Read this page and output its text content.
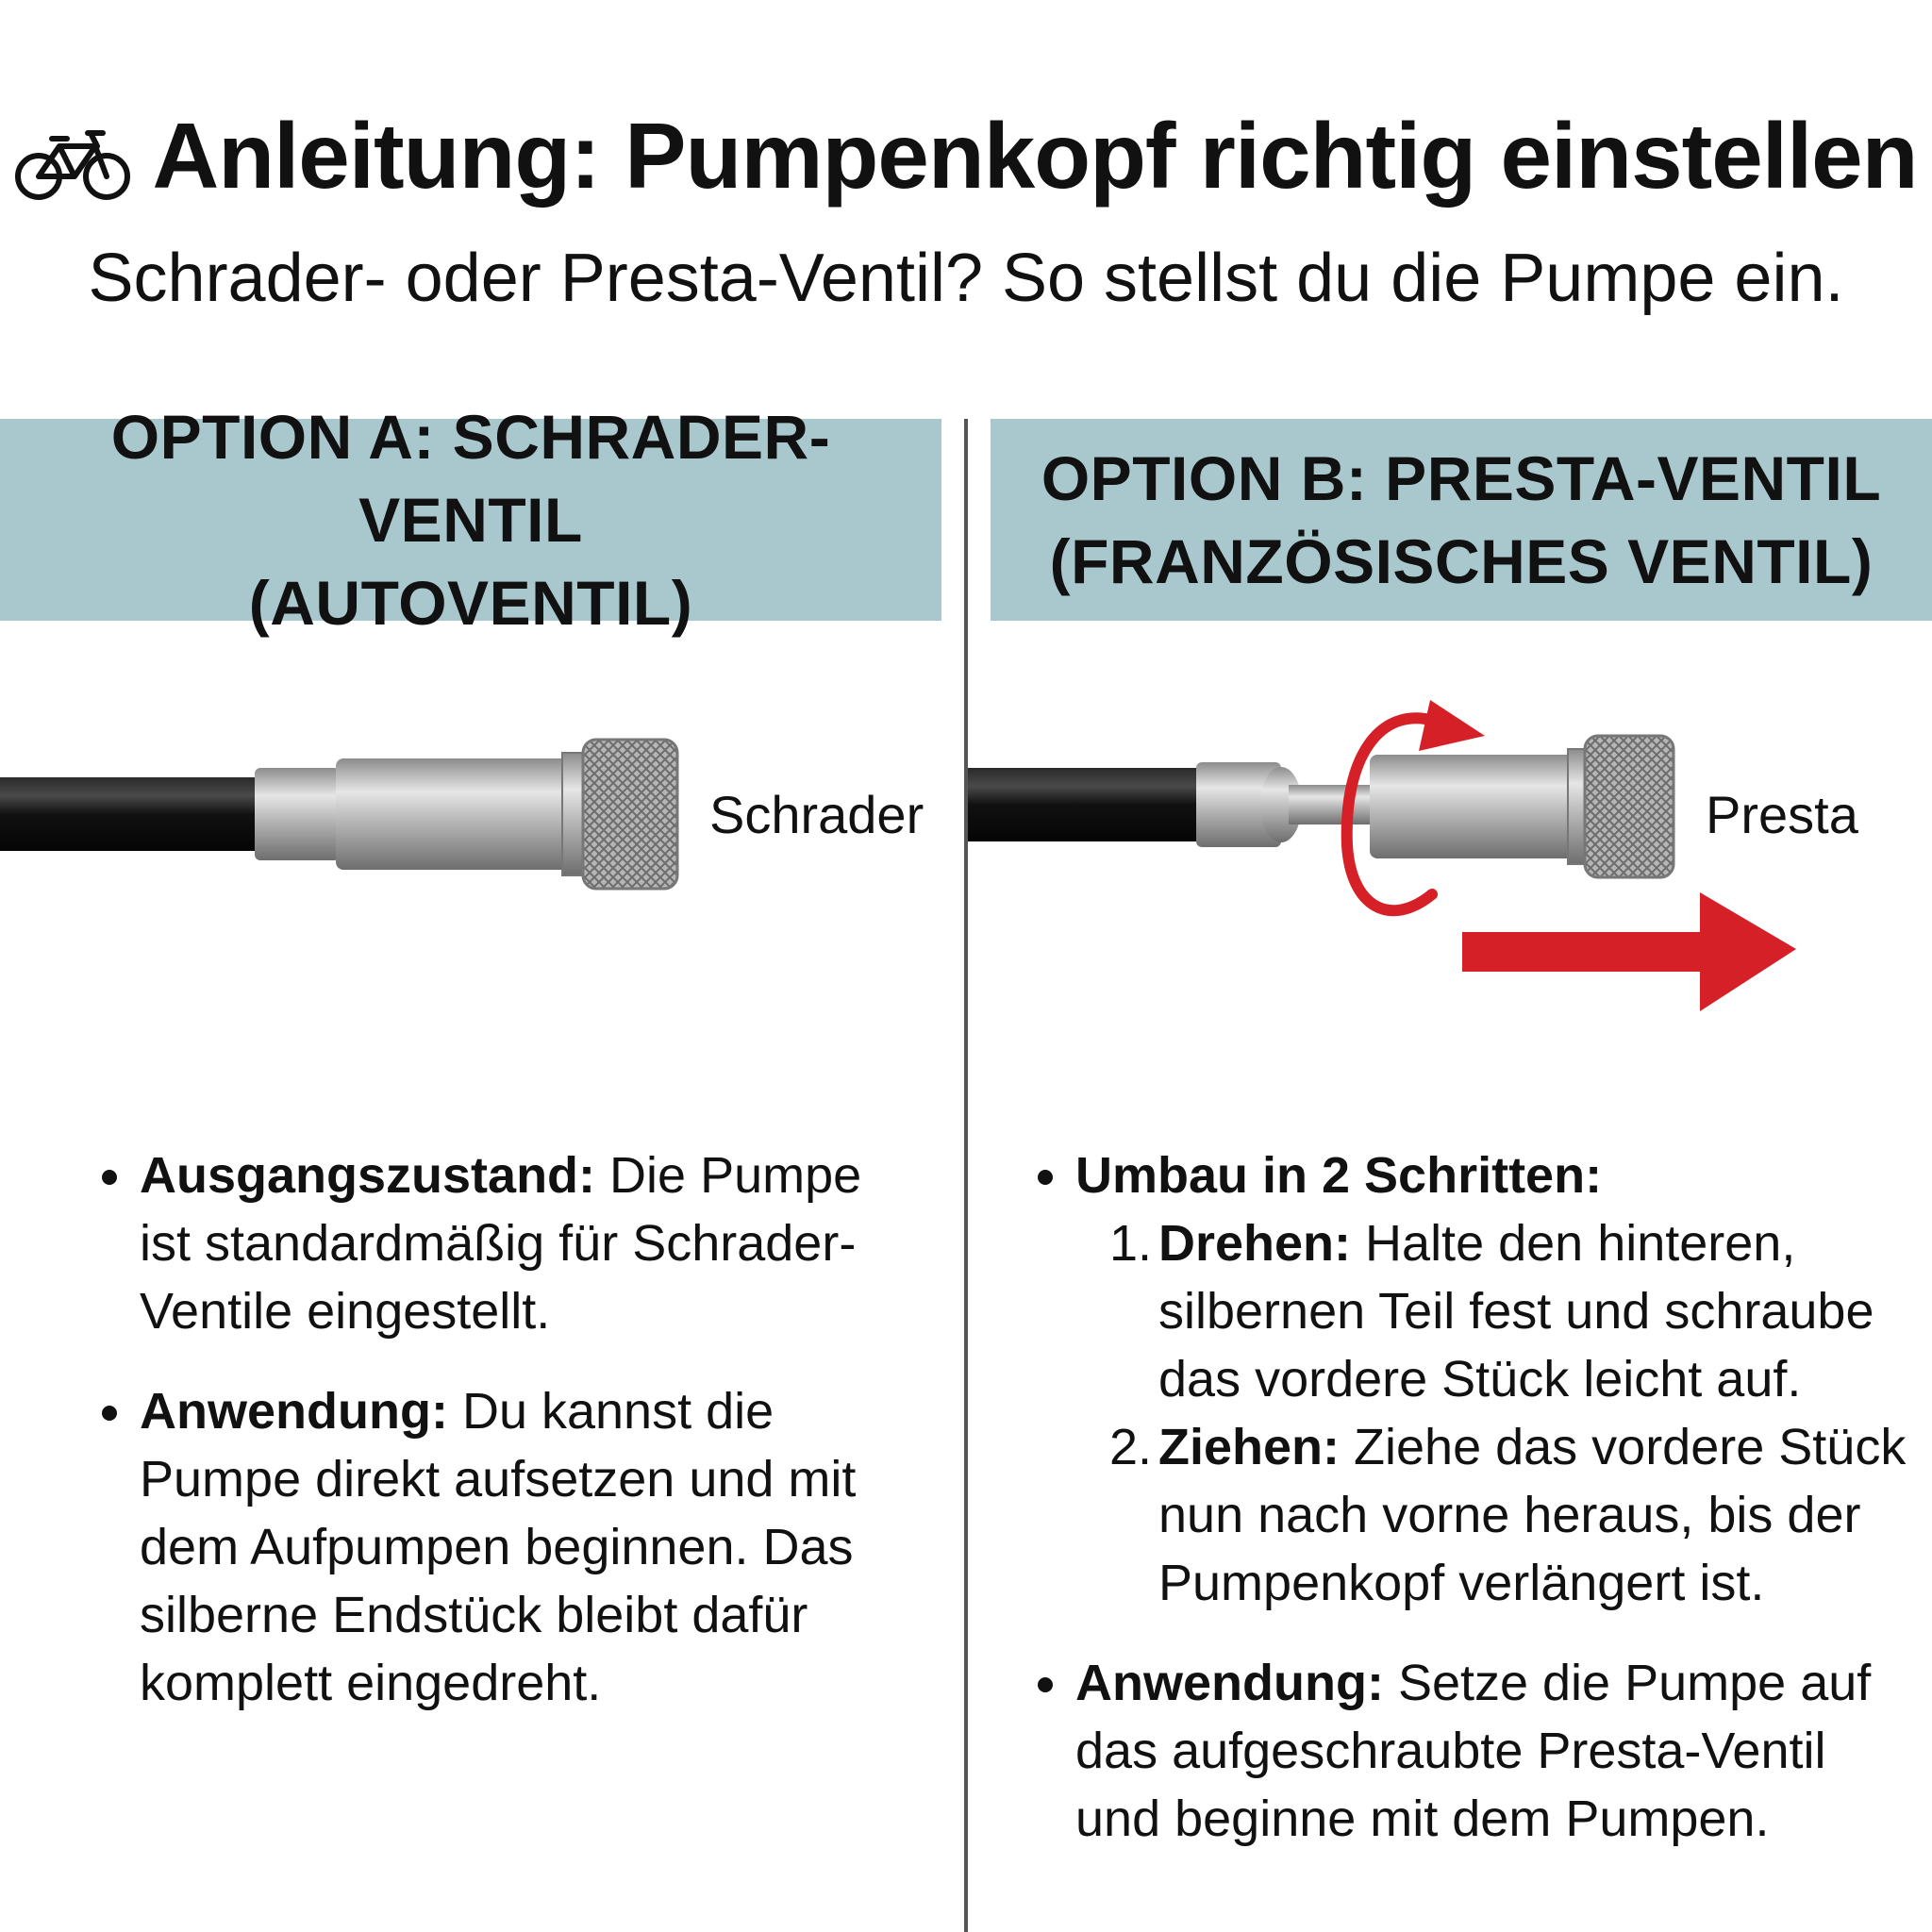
Anleitung: Pumpenkopf richtig einstellen
Schrader- oder Presta-Ventil? So stellst du die Pumpe ein.
OPTION A: SCHRADER-VENTIL
(AUTOVENTIL)
OPTION B: PRESTA-VENTIL
(FRANZÖSISCHES VENTIL)
Schrader	Presta
Ausgangszustand: Die Pumpe ist standardmäßig für Schrader-Ventile eingestellt.
Anwendung: Du kannst die Pumpe direkt aufsetzen und mit dem Aufpumpen beginnen. Das silberne Endstück bleibt dafür komplett eingedreht.
Umbau in 2 Schritten:
1. Drehen: Halte den hinteren, silbernen Teil fest und schraube das vordere Stück leicht auf.
2. Ziehen: Ziehe das vordere Stück nun nach vorne heraus, bis der Pumpenkopf verlängert ist.
Anwendung: Setze die Pumpe auf das aufgeschraubte Presta-Ventil und beginne mit dem Pumpen.
